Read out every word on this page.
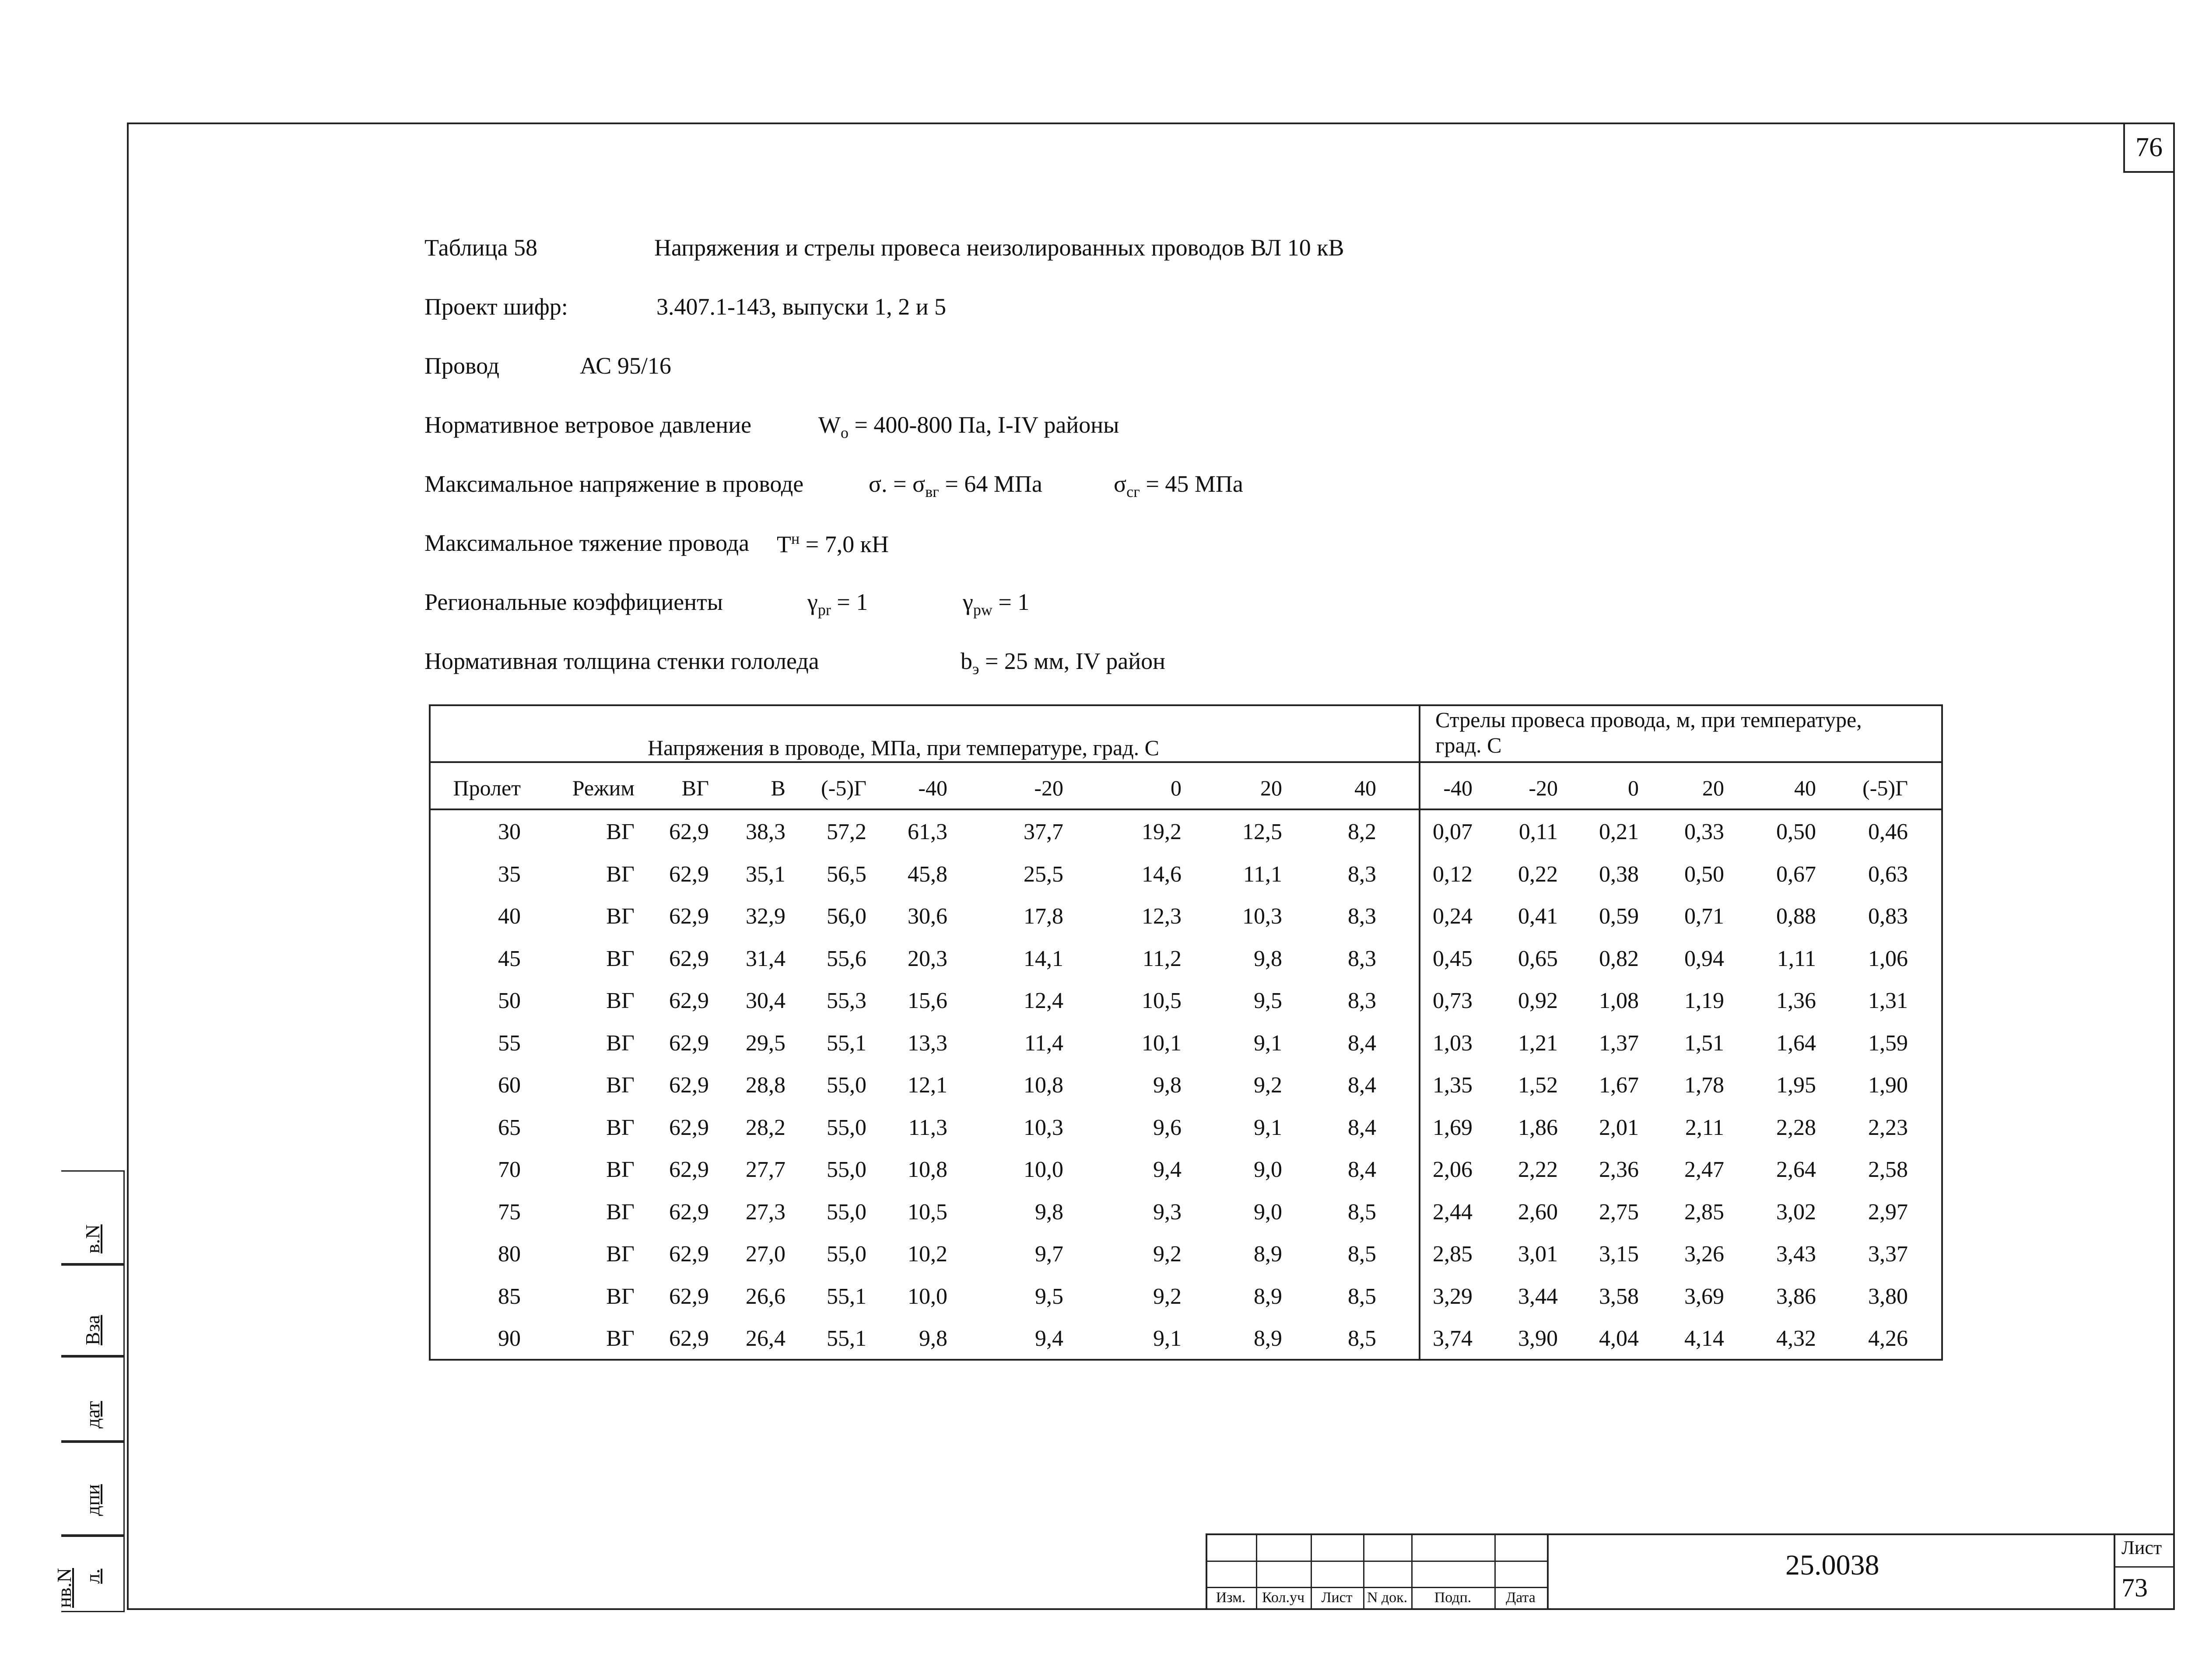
76
Таблица 58	Напряжения и стрелы провеса неизолированных проводов ВЛ 10 кВ
Проект шифр:	3.407.1-143, выпуски 1, 2 и 5
Провод	АС 95/16
Нормативное ветровое давление	$W_o = 400-800$ Па, I-IV районы
Максимальное напряжение в проводе	σ. = $\sigma_{вг} = 64$ МПа	$\sigma_{сг} = 45$ МПа
Максимальное тяжение провода $T^н = 7,0$ кН
Региональные коэффициенты	$\gamma_{pr} = 1$	$\gamma_{pw} = 1$
Нормативная толщина стенки гололеда	$b_э = 25$ мм, IV район
Напряжения в проводе, МПа, при температуре, град. С
Стрелы провеса провода, м, при температуре,
град. С
Пролет	Режим	ВГ	В	(-5)Г	-40	-20	0	20	40	-40	-20	0	20	40	(-5)Г
30	ВГ	62,9	38,3	57,2	61,3	37,7	19,2	12,5	8,2	0,07	0,11	0,21	0,33	0,50	0,46
35	ВГ	62,9	35,1	56,5	45,8	25,5	14,6	11,1	8,3	0,12	0,22	0,38	0,50	0,67	0,63
40	ВГ	62,9	32,9	56,0	30,6	17,8	12,3	10,3	8,3	0,24	0,41	0,59	0,71	0,88	0,83
45	ВГ	62,9	31,4	55,6	20,3	14,1	11,2	9,8	8,3	0,45	0,65	0,82	0,94	1,11	1,06
50	ВГ	62,9	30,4	55,3	15,6	12,4	10,5	9,5	8,3	0,73	0,92	1,08	1,19	1,36	1,31
55	ВГ	62,9	29,5	55,1	13,3	11,4	10,1	9,1	8,4	1,03	1,21	1,37	1,51	1,64	1,59
60	ВГ	62,9	28,8	55,0	12,1	10,8	9,8	9,2	8,4	1,35	1,52	1,67	1,78	1,95	1,90
65	ВГ	62,9	28,2	55,0	11,3	10,3	9,6	9,1	8,4	1,69	1,86	2,01	2,11	2,28	2,23
70	ВГ	62,9	27,7	55,0	10,8	10,0	9,4	9,0	8,4	2,06	2,22	2,36	2,47	2,64	2,58
75	ВГ	62,9	27,3	55,0	10,5	9,8	9,3	9,0	8,5	2,44	2,60	2,75	2,85	3,02	2,97
80	ВГ	62,9	27,0	55,0	10,2	9,7	9,2	8,9	8,5	2,85	3,01	3,15	3,26	3,43	3,37
85	ВГ	62,9	26,6	55,1	10,0	9,5	9,2	8,9	8,5	3,29	3,44	3,58	3,69	3,86	3,80
90	ВГ	62,9	26,4	55,1	9,8	9,4	9,1	8,9	8,5	3,74	3,90	4,04	4,14	4,32	4,26
в.N
Вза
дат
дпи
л.
нв.N	Изм.	Кол.уч	Лист N док.	Подп.	Дата
25.0038
Лист
73
